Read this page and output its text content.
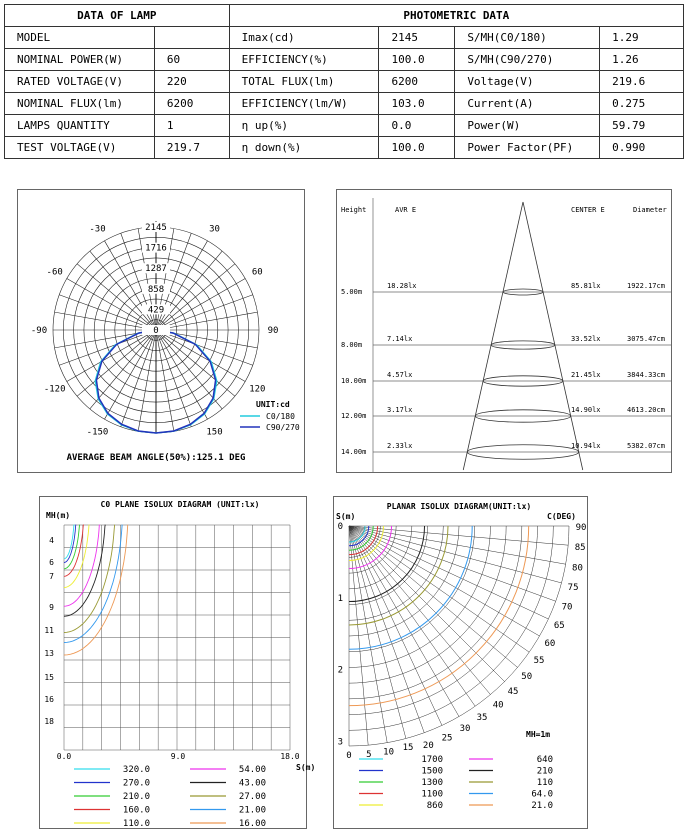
DATA OF LAMP		PHOTOMETRIC DATA			
MODEL		Imax(cd)	2145	S/MH(C0/180)	1.29
NOMINAL POWER(W)	60	EFFICIENCY(%)	100.0	S/MH(C90/270)	1.26
RATED VOLTAGE(V)	220	TOTAL FLUX(lm)	6200	Voltage(V)	219.6
NOMINAL FLUX(lm)	6200	EFFICIENCY(lm/W)	103.0	Current(A)	0.275
LAMPS QUANTITY	1	η up(%)	0.0	Power(W)	59.79
TEST VOLTAGE(V)	219.7	η down(%)	100.0	Power Factor(PF)	0.990
2145
1716
1287
858
429
0
-150
-120
-90
-60
-30
150
120
90
60
30
UNIT:cd
C0/180
C90/270
AVERAGE BEAM ANGLE(50%):125.1 DEG
Height	AVR E	CENTER E	Diameter
5.00m
18.28lx	85.81lx	1922.17cm
8.00m
7.14lx	33.52lx	3075.47cm
10.00m
4.57lx	21.45lx	3844.33cm
12.00m
3.17lx	14.90lx	4613.20cm
14.00m
2.33lx	10.94lx	5382.07cm
C0 PLANE ISOLUX DIAGRAM (UNIT:lx)
MH(m)
4
6
7
9
11
13
15
16
18
0.0	9.0	18.0
S(m)
320.0
270.0
210.0
160.0
110.0
54.00
43.00
27.00
21.00
16.00
PLANAR ISOLUX DIAGRAM(UNIT:lx)
S(m)	C(DEG)
0
1
2
3
0 5 10 15 20
25
30
35
40
45
50
55
60
65
70
75
80
85
90
MH=1m
1700
1500
1300
1100
860
640
210
110
64.0
21.0
